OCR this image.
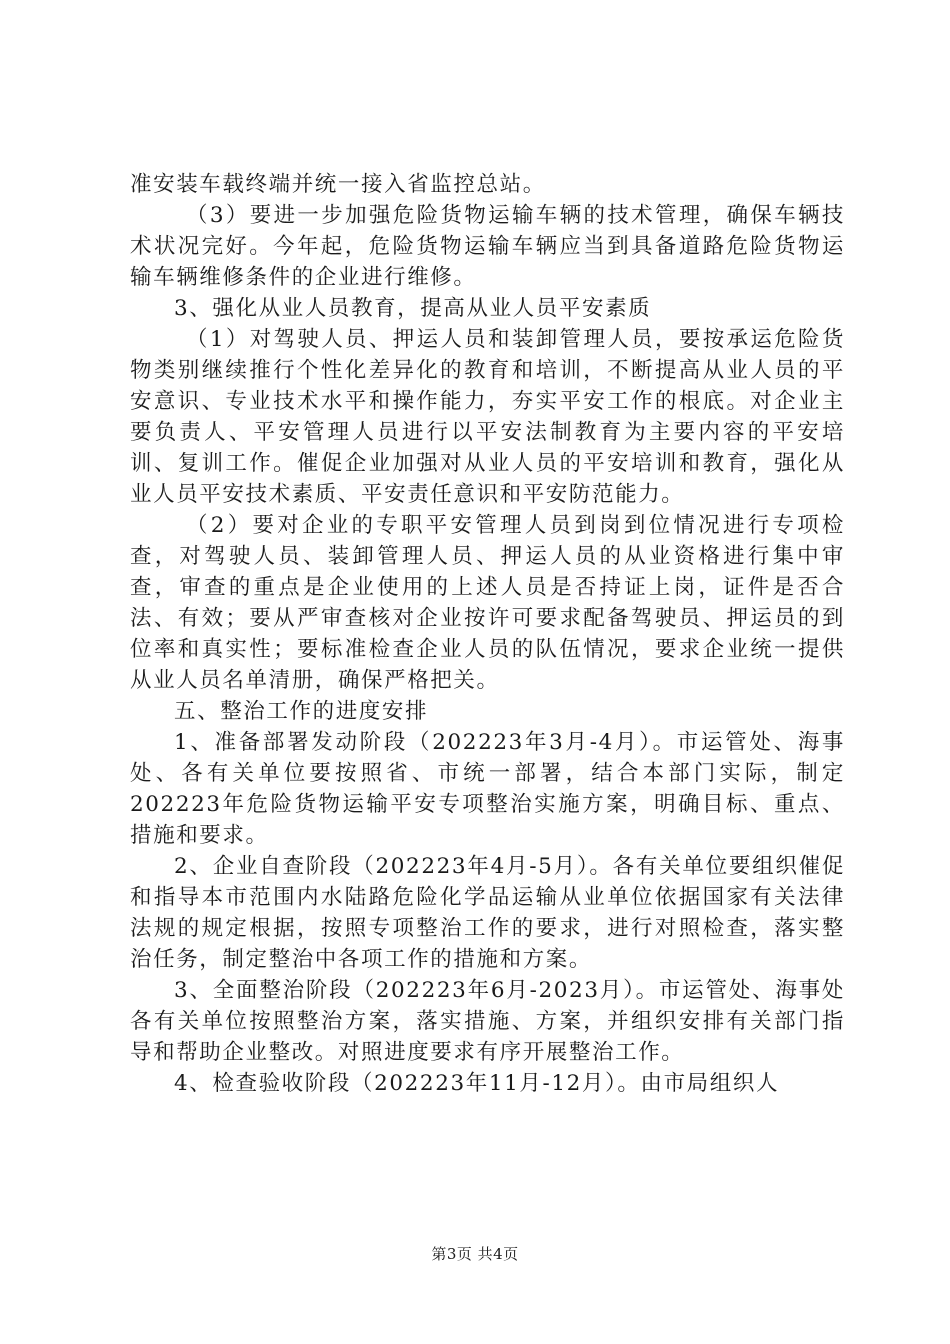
准安装车载终端并统一接入省监控总站。

（3）要进一步加强危险货物运输车辆的技术管理，确保车辆技术状况完好。今年起，危险货物运输车辆应当到具备道路危险货物运输车辆维修条件的企业进行维修。

3、强化从业人员教育，提高从业人员平安素质

（1）对驾驶人员、押运人员和装卸管理人员，要按承运危险货物类别继续推行个性化差异化的教育和培训，不断提高从业人员的平安意识、专业技术水平和操作能力，夯实平安工作的根底。对企业主要负责人、平安管理人员进行以平安法制教育为主要内容的平安培训、复训工作。催促企业加强对从业人员的平安培训和教育，强化从业人员平安技术素质、平安责任意识和平安防范能力。

（2）要对企业的专职平安管理人员到岗到位情况进行专项检查，对驾驶人员、装卸管理人员、押运人员的从业资格进行集中审查，审查的重点是企业使用的上述人员是否持证上岗，证件是否合法、有效；要从严审查核对企业按许可要求配备驾驶员、押运员的到位率和真实性；要标准检查企业人员的队伍情况，要求企业统一提供从业人员名单清册，确保严格把关。

五、整治工作的进度安排

1、准备部署发动阶段（202223年3月-4月）。市运管处、海事处、各有关单位要按照省、市统一部署，结合本部门实际，制定202223年危险货物运输平安专项整治实施方案，明确目标、重点、措施和要求。

2、企业自查阶段（202223年4月-5月）。各有关单位要组织催促和指导本市范围内水陆路危险化学品运输从业单位依据国家有关法律法规的规定根据，按照专项整治工作的要求，进行对照检查，落实整治任务，制定整治中各项工作的措施和方案。

3、全面整治阶段（202223年6月-2023月）。市运管处、海事处各有关单位按照整治方案，落实措施、方案，并组织安排有关部门指导和帮助企业整改。对照进度要求有序开展整治工作。

4、检查验收阶段（202223年11月-12月）。由市局组织人

第3页 共4页
